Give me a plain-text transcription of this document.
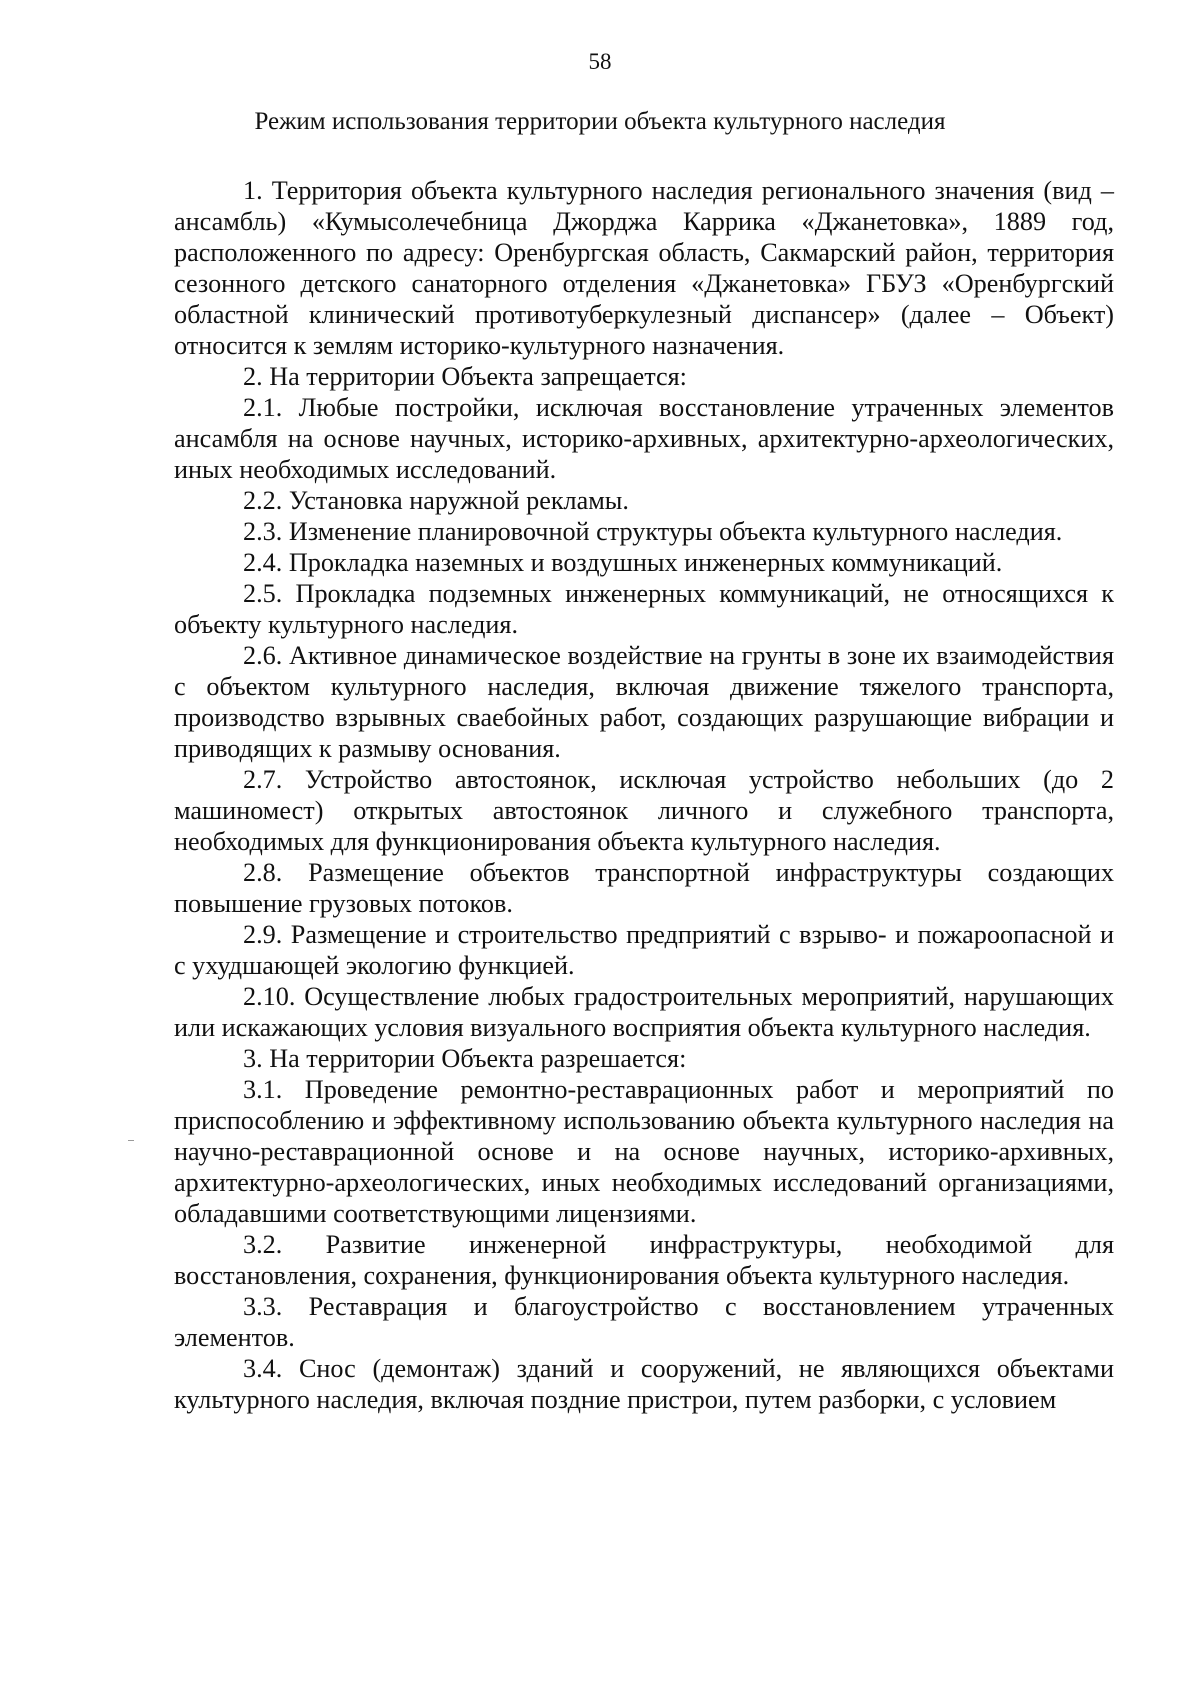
58
Режим использования территории объекта культурного наследия

1. Территория объекта культурного наследия регионального значения (вид – ансамбль) «Кумысолечебница Джорджа Каррика «Джанетовка», 1889 год, расположенного по адресу: Оренбургская область, Сакмарский район, территория сезонного детского санаторного отделения «Джанетовка» ГБУЗ «Оренбургский областной клинический противотуберкулезный диспансер» (далее – Объект) относится к землям историко-культурного назначения.

2. На территории Объекта запрещается:

2.1. Любые постройки, исключая восстановление утраченных элементов ансамбля на основе научных, историко-архивных, архитектурно-археологических, иных необходимых исследований.

2.2. Установка наружной рекламы.

2.3. Изменение планировочной структуры объекта культурного наследия.

2.4. Прокладка наземных и воздушных инженерных коммуникаций.

2.5. Прокладка подземных инженерных коммуникаций, не относящихся к объекту культурного наследия.

2.6. Активное динамическое воздействие на грунты в зоне их взаимодействия с объектом культурного наследия, включая движение тяжелого транспорта, производство взрывных свaeбойных работ, создающих разрушающие вибрации и приводящих к размыву основания.

2.7. Устройство автостоянок, исключая устройство небольших (до 2 машиномест) открытых автостоянок личного и служебного транспорта, необходимых для функционирования объекта культурного наследия.

2.8. Размещение объектов транспортной инфраструктуры создающих повышение грузовых потоков.

2.9. Размещение и строительство предприятий с взрыво- и пожароопасной и с ухудшающей экологию функцией.

2.10. Осуществление любых градостроительных мероприятий, нарушающих или искажающих условия визуального восприятия объекта культурного наследия.

3. На территории Объекта разрешается:

3.1. Проведение ремонтно-реставрационных работ и мероприятий по приспособлению и эффективному использованию объекта культурного наследия на научно-реставрационной основе и на основе научных, историко-архивных, архитектурно-археологических, иных необходимых исследований организациями, обладавшими соответствующими лицензиями.

3.2. Развитие инженерной инфраструктуры, необходимой для восстановления, сохранения, функционирования объекта культурного наследия.

3.3. Реставрация и благоустройство с восстановлением утраченных элементов.

3.4. Снос (демонтаж) зданий и сооружений, не являющихся объектами культурного наследия, включая поздние пристрои, путем разборки, с условием
